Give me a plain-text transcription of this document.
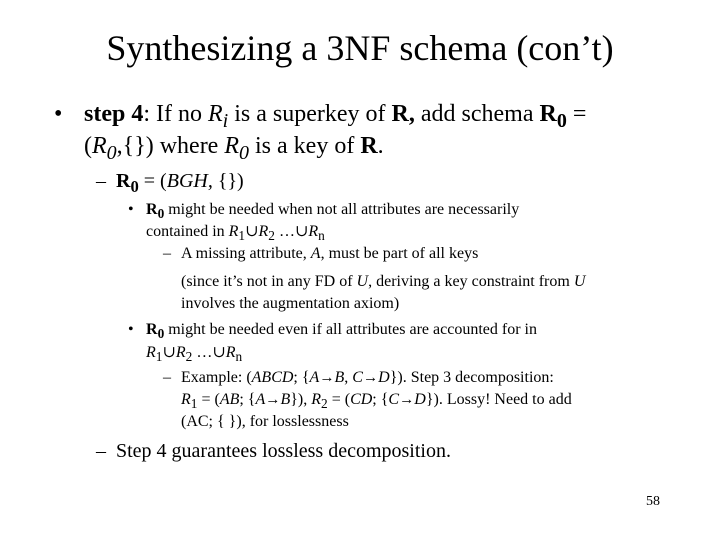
Synthesizing a 3NF schema (con’t)
• step 4: If no $R_i$ is a superkey of R, add schema $R_0$ =
$(R_0,\{\})$ where $R_0$ is a key of R.
– $R_0 = (BGH$, {})
• $R_0$ might be needed when not all attributes are necessarily
contained in $R_1\cup R_2$ $\dots\cup R_n$
– A missing attribute, A, must be part of all keys
(since it’s not in any FD of U, deriving a key constraint from U
involves the augmentation axiom)
• $R_0$ might be needed even if all attributes are accounted for in
$R_1\cup R_2$ $\dots\cup R_n$
– Example: (ABCD; {A→B, C→D}). Step 3 decomposition:
$R_1 = (AB$; {A→B}), $R_2 = (CD$; {C→D}). Lossy! Need to add
(AC; { }), for losslessness
– Step 4 guarantees lossless decomposition.
58
